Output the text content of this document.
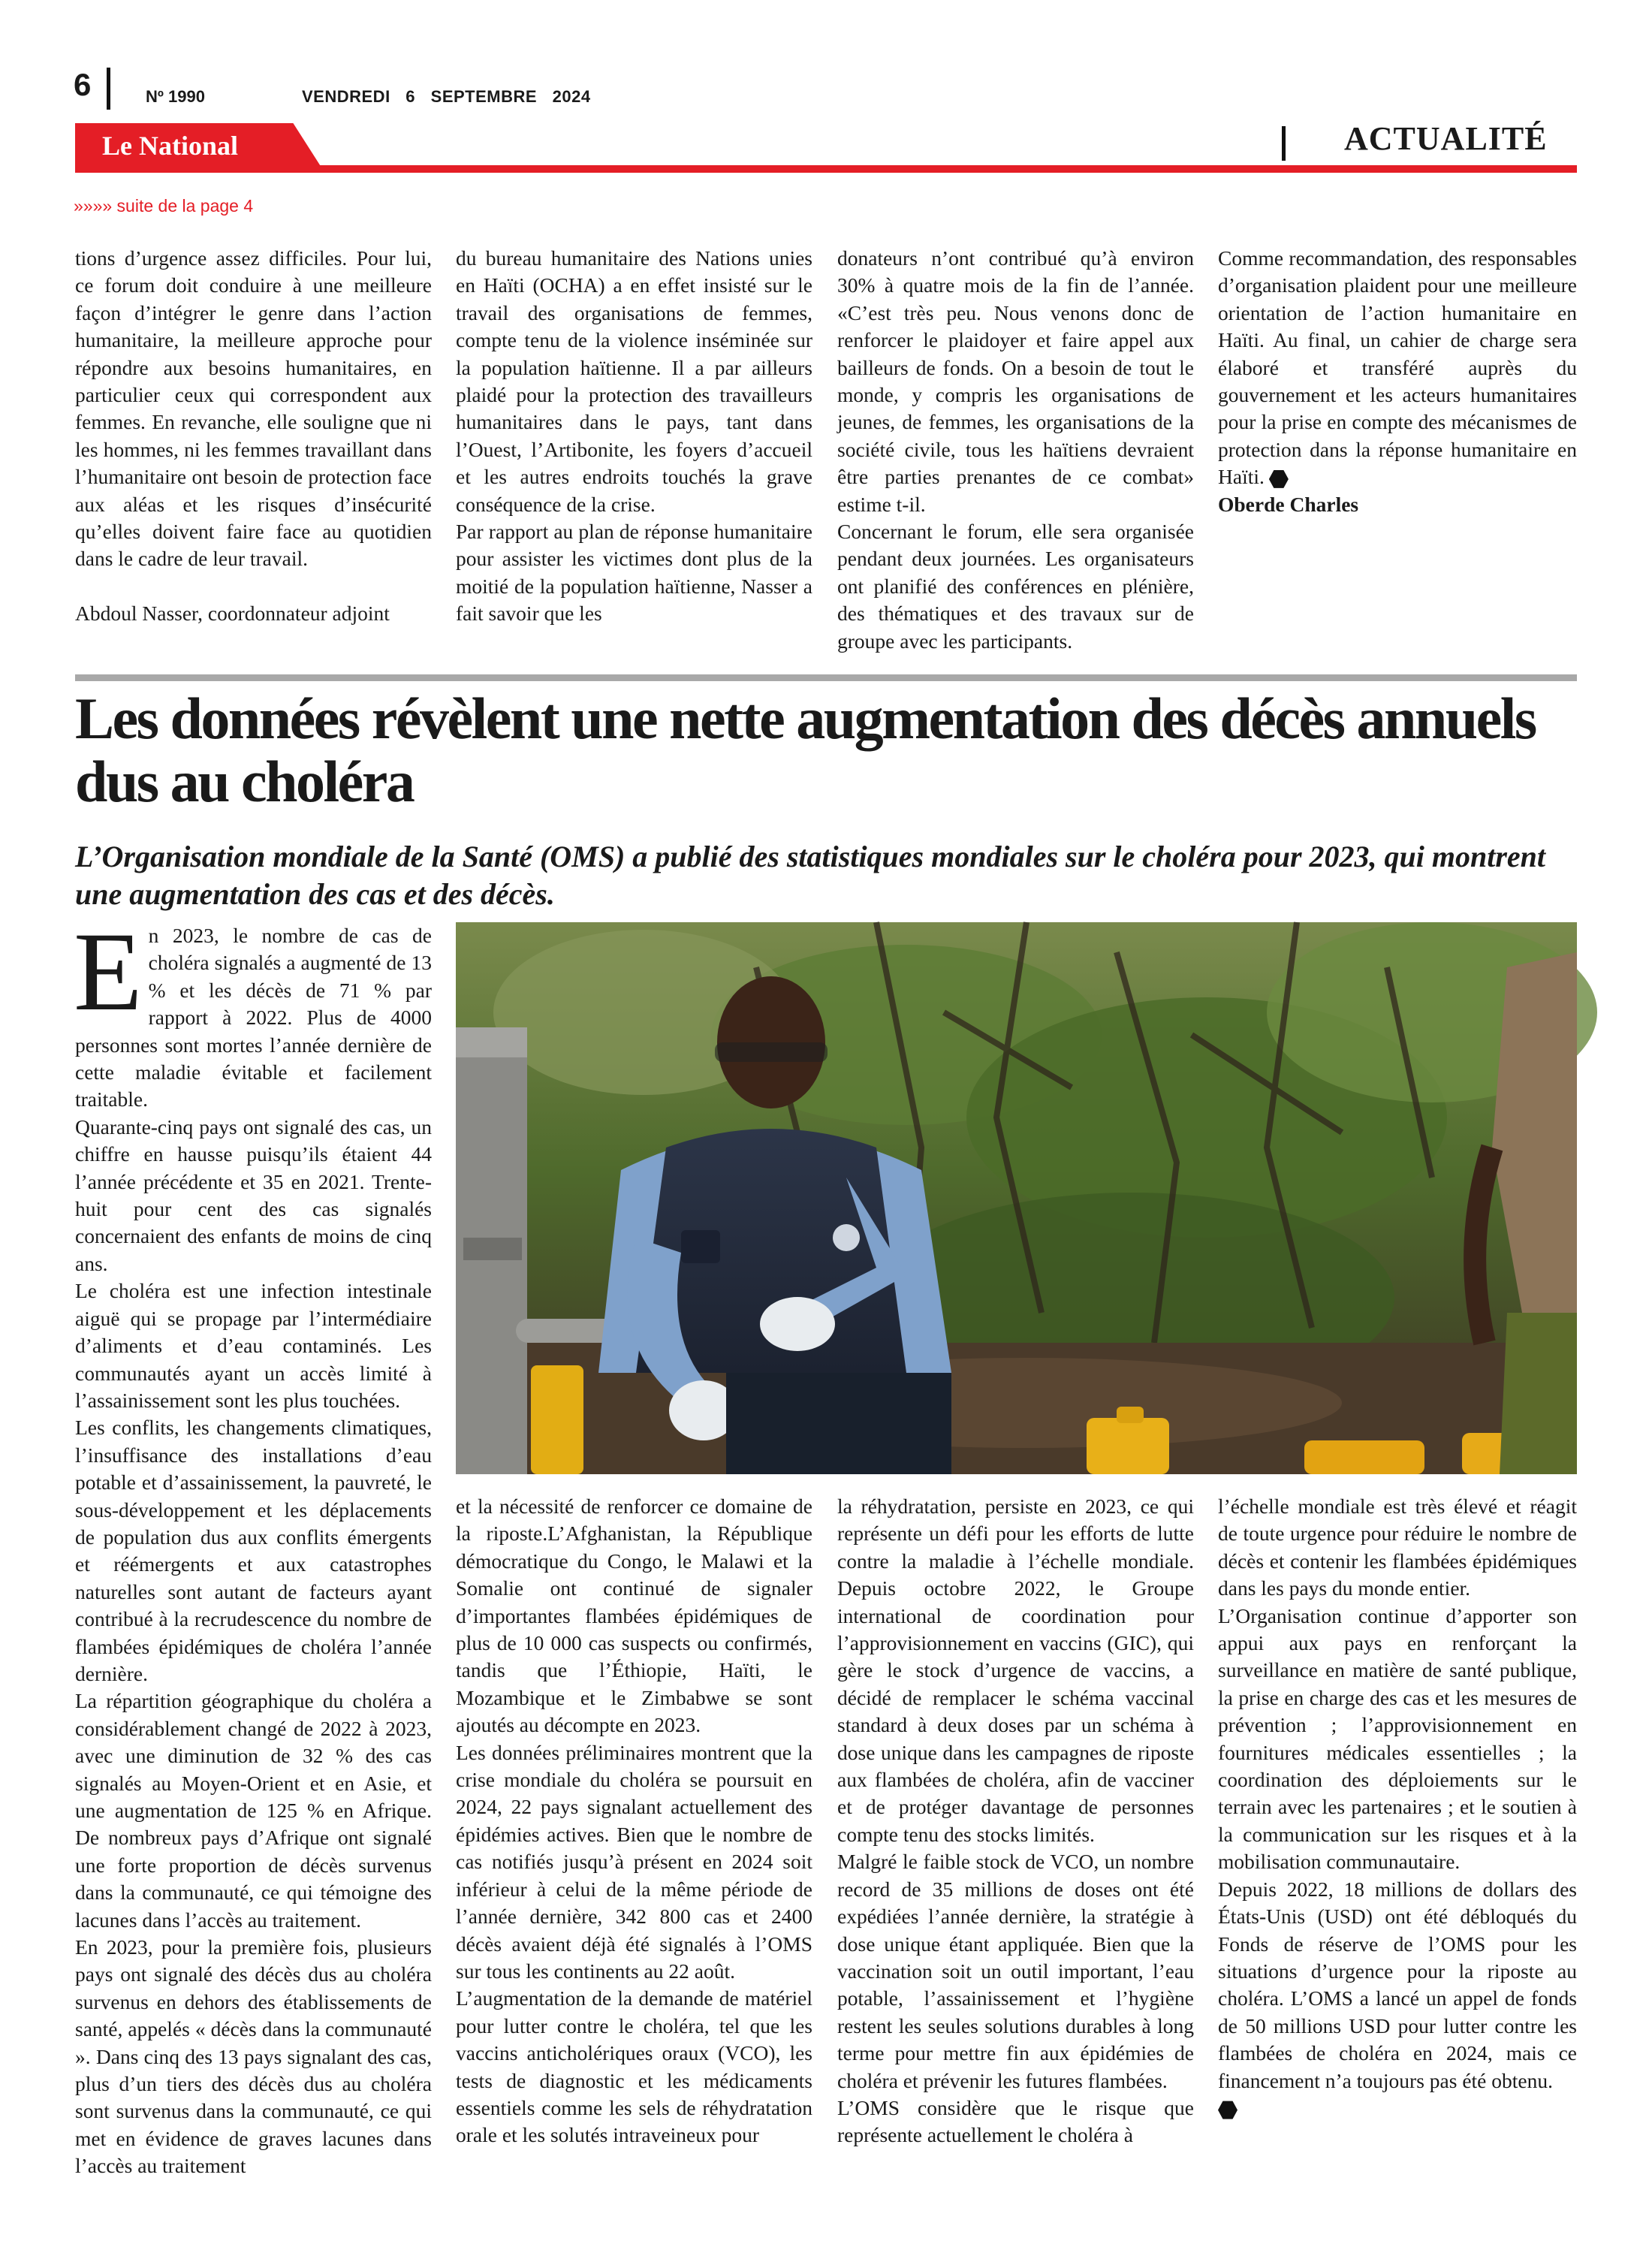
6	Nº 1990	VENDREDI 6 SEPTEMBRE 2024
Le National	ACTUALITÉ
»»»» suite de la page 4

tions d’urgence assez difficiles. Pour lui, ce forum doit conduire à une meilleure façon d’intégrer le genre dans l’action humanitaire, la meilleure approche pour répondre aux besoins humanitaires, en particulier ceux qui correspondent aux femmes. En revanche, elle souligne que ni les hommes, ni les femmes travaillant dans l’humanitaire ont besoin de protection face aux aléas et les risques d’insécurité qu’elles doivent faire face au quotidien dans le cadre de leur travail.

Abdoul Nasser, coordonnateur adjoint

du bureau humanitaire des Nations unies en Haïti (OCHA) a en effet insisté sur le travail des organisations de femmes, compte tenu de la violence inséminée sur la population haïtienne. Il a par ailleurs plaidé pour la protection des travailleurs humanitaires dans le pays, tant dans l’Ouest, l’Artibonite, les foyers d’accueil et les autres endroits touchés la grave conséquence de la crise.

Par rapport au plan de réponse humanitaire pour assister les victimes dont plus de la moitié de la population haïtienne, Nasser a fait savoir que les

donateurs n’ont contribué qu’à environ 30% à quatre mois de la fin de l’année. «C’est très peu. Nous venons donc de renforcer le plaidoyer et faire appel aux bailleurs de fonds. On a besoin de tout le monde, y compris les organisations de jeunes, de femmes, les organisations de la société civile, tous les haïtiens devraient être parties prenantes de ce combat» estime t-il.

Concernant le forum, elle sera organisée pendant deux journées. Les organisateurs ont planifié des conférences en plénière, des thématiques et des travaux sur de groupe avec les participants.

Comme recommandation, des responsables d’organisation plaident pour une meilleure orientation de l’action humanitaire en Haïti. Au final, un cahier de charge sera élaboré et transféré auprès du gouvernement et les acteurs humanitaires pour la prise en compte des mécanismes de protection dans la réponse humanitaire en Haïti.

Oberde Charles

Les données révèlent une nette augmentation des décès annuels dus au choléra
L’Organisation mondiale de la Santé (OMS) a publié des statistiques mondiales sur le choléra pour 2023, qui montrent une augmentation des cas et des décès.

En 2023, le nombre de cas de choléra signalés a augmenté de 13 % et les décès de 71 % par rapport à 2022. Plus de 4000 personnes sont mortes l’année dernière de cette maladie évitable et facilement traitable.

Quarante-cinq pays ont signalé des cas, un chiffre en hausse puisqu’ils étaient 44 l’année précédente et 35 en 2021. Trente-huit pour cent des cas signalés concernaient des enfants de moins de cinq ans.

Le choléra est une infection intestinale aiguë qui se propage par l’intermédiaire d’aliments et d’eau contaminés. Les communautés ayant un accès limité à l’assainissement sont les plus touchées.

Les conflits, les changements climatiques, l’insuffisance des installations d’eau potable et d’assainissement, la pauvreté, le sous-développement et les déplacements de population dus aux conflits émergents et réémergents et aux catastrophes naturelles sont autant de facteurs ayant contribué à la recrudescence du nombre de flambées épidémiques de choléra l’année dernière.

La répartition géographique du choléra a considérablement changé de 2022 à 2023, avec une diminution de 32 % des cas signalés au Moyen-Orient et en Asie, et une augmentation de 125 % en Afrique. De nombreux pays d’Afrique ont signalé une forte proportion de décès survenus dans la communauté, ce qui témoigne des lacunes dans l’accès au traitement.

En 2023, pour la première fois, plusieurs pays ont signalé des décès dus au choléra survenus en dehors des établissements de santé, appelés « décès dans la communauté ». Dans cinq des 13 pays signalant des cas, plus d’un tiers des décès dus au choléra sont survenus dans la communauté, ce qui met en évidence de graves lacunes dans l’accès au traitement

et la nécessité de renforcer ce domaine de la riposte.L’Afghanistan, la République démocratique du Congo, le Malawi et la Somalie ont continué de signaler d’importantes flambées épidémiques de plus de 10 000 cas suspects ou confirmés, tandis que l’Éthiopie, Haïti, le Mozambique et le Zimbabwe se sont ajoutés au décompte en 2023.

Les données préliminaires montrent que la crise mondiale du choléra se poursuit en 2024, 22 pays signalant actuellement des épidémies actives. Bien que le nombre de cas notifiés jusqu’à présent en 2024 soit inférieur à celui de la même période de l’année dernière, 342 800 cas et 2400 décès avaient déjà été signalés à l’OMS sur tous les continents au 22 août.

L’augmentation de la demande de matériel pour lutter contre le choléra, tel que les vaccins anticholériques oraux (VCO), les tests de diagnostic et les médicaments essentiels comme les sels de réhydratation orale et les solutés intraveineux pour

la réhydratation, persiste en 2023, ce qui représente un défi pour les efforts de lutte contre la maladie à l’échelle mondiale. Depuis octobre 2022, le Groupe international de coordination pour l’approvisionnement en vaccins (GIC), qui gère le stock d’urgence de vaccins, a décidé de remplacer le schéma vaccinal standard à deux doses par un schéma à dose unique dans les campagnes de riposte aux flambées de choléra, afin de vacciner et de protéger davantage de personnes compte tenu des stocks limités.

Malgré le faible stock de VCO, un nombre record de 35 millions de doses ont été expédiées l’année dernière, la stratégie à dose unique étant appliquée. Bien que la vaccination soit un outil important, l’eau potable, l’assainissement et l’hygiène restent les seules solutions durables à long terme pour mettre fin aux épidémies de choléra et prévenir les futures flambées.

L’OMS considère que le risque que représente actuellement le choléra à

l’échelle mondiale est très élevé et réagit de toute urgence pour réduire le nombre de décès et contenir les flambées épidémiques dans les pays du monde entier.

L’Organisation continue d’apporter son appui aux pays en renforçant la surveillance en matière de santé publique, la prise en charge des cas et les mesures de prévention ; l’approvisionnement en fournitures médicales essentielles ; la coordination des déploiements sur le terrain avec les partenaires ; et le soutien à la communication sur les risques et à la mobilisation communautaire.

Depuis 2022, 18 millions de dollars des États-Unis (USD) ont été débloqués du Fonds de réserve de l’OMS pour les situations d’urgence pour la riposte au choléra. L’OMS a lancé un appel de fonds de 50 millions USD pour lutter contre les flambées de choléra en 2024, mais ce financement n’a toujours pas été obtenu.
